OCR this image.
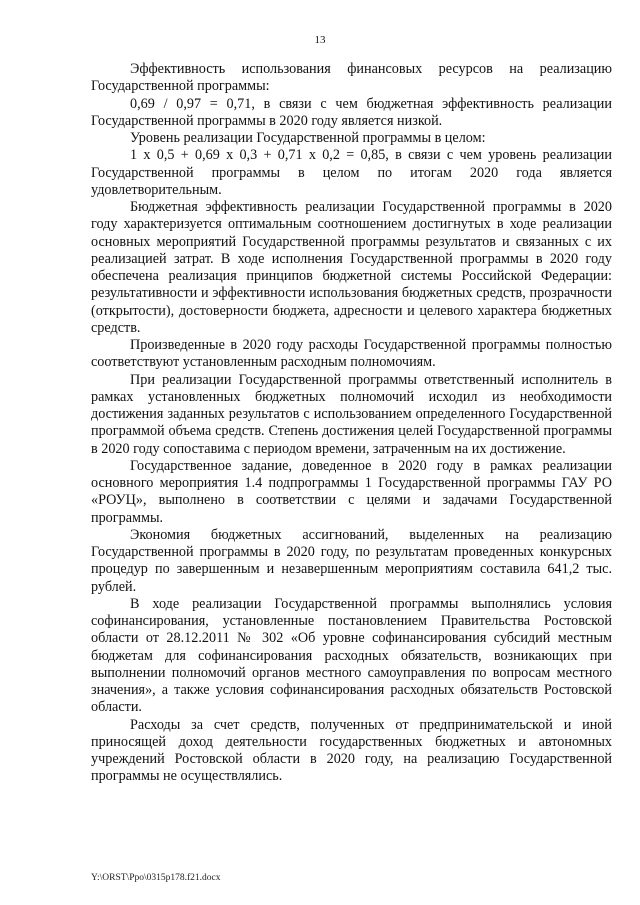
13

Эффективность использования финансовых ресурсов на реализацию Государственной программы:

0,69 / 0,97 = 0,71, в связи с чем бюджетная эффективность реализации Государственной программы в 2020 году является низкой.

Уровень реализации Государственной программы в целом:

1 x 0,5 + 0,69 x 0,3 + 0,71 x 0,2 = 0,85, в связи с чем уровень реализации Государственной программы в целом по итогам 2020 года является удовлетворительным.

Бюджетная эффективность реализации Государственной программы в 2020 году характеризуется оптимальным соотношением достигнутых в ходе реализации основных мероприятий Государственной программы результатов и связанных с их реализацией затрат. В ходе исполнения Государственной программы в 2020 году обеспечена реализация принципов бюджетной системы Российской Федерации: результативности и эффективности использования бюджетных средств, прозрачности (открытости), достоверности бюджета, адресности и целевого характера бюджетных средств.

Произведенные в 2020 году расходы Государственной программы полностью соответствуют установленным расходным полномочиям.

При реализации Государственной программы ответственный исполнитель в рамках установленных бюджетных полномочий исходил из необходимости достижения заданных результатов с использованием определенного Государственной программой объема средств. Степень достижения целей Государственной программы в 2020 году сопоставима с периодом времени, затраченным на их достижение.

Государственное задание, доведенное в 2020 году в рамках реализации основного мероприятия 1.4 подпрограммы 1 Государственной программы ГАУ РО «РОУЦ», выполнено в соответствии с целями и задачами Государственной программы.

Экономия бюджетных ассигнований, выделенных на реализацию Государственной программы в 2020 году, по результатам проведенных конкурсных процедур по завершенным и незавершенным мероприятиям составила 641,2 тыс. рублей.

В ходе реализации Государственной программы выполнялись условия софинансирования, установленные постановлением Правительства Ростовской области от 28.12.2011 № 302 «Об уровне софинансирования субсидий местным бюджетам для софинансирования расходных обязательств, возникающих при выполнении полномочий органов местного самоуправления по вопросам местного значения», а также условия софинансирования расходных обязательств Ростовской области.

Расходы за счет средств, полученных от предпринимательской и иной приносящей доход деятельности государственных бюджетных и автономных учреждений Ростовской области в 2020 году, на реализацию Государственной программы не осуществлялись.

Y:\ORST\Ppo\0315p178.f21.docx
